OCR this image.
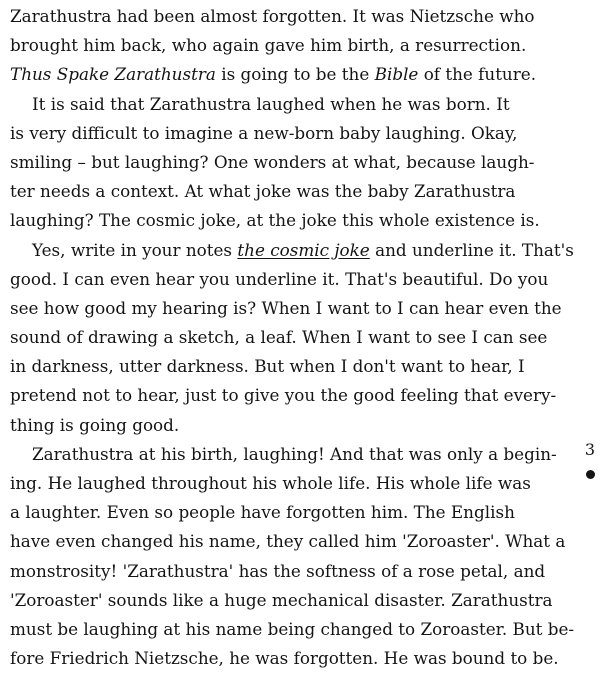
Zarathustra had been almost forgotten. It was Nietzsche who
brought him back, who again gave him birth, a resurrection.
Thus Spake Zarathustra is going to be the Bible of the future.
It is said that Zarathustra laughed when he was born. It
is very difficult to imagine a new-born baby laughing. Okay,
smiling – but laughing? One wonders at what, because laugh-
ter needs a context. At what joke was the baby Zarathustra
laughing? The cosmic joke, at the joke this whole existence is.
Yes, write in your notes the cosmic joke and underline it. That's
good. I can even hear you underline it. That's beautiful. Do you
see how good my hearing is? When I want to I can hear even the
sound of drawing a sketch, a leaf. When I want to see I can see
in darkness, utter darkness. But when I don't want to hear, I
pretend not to hear, just to give you the good feeling that every-
thing is going good.
Zarathustra at his birth, laughing! And that was only a begin-
ing. He laughed throughout his whole life. His whole life was
a laughter. Even so people have forgotten him. The English
have even changed his name, they called him 'Zoroaster'. What a
monstrosity! 'Zarathustra' has the softness of a rose petal, and
'Zoroaster' sounds like a huge mechanical disaster. Zarathustra
must be laughing at his name being changed to Zoroaster. But be-
fore Friedrich Nietzsche, he was forgotten. He was bound to be.
3
